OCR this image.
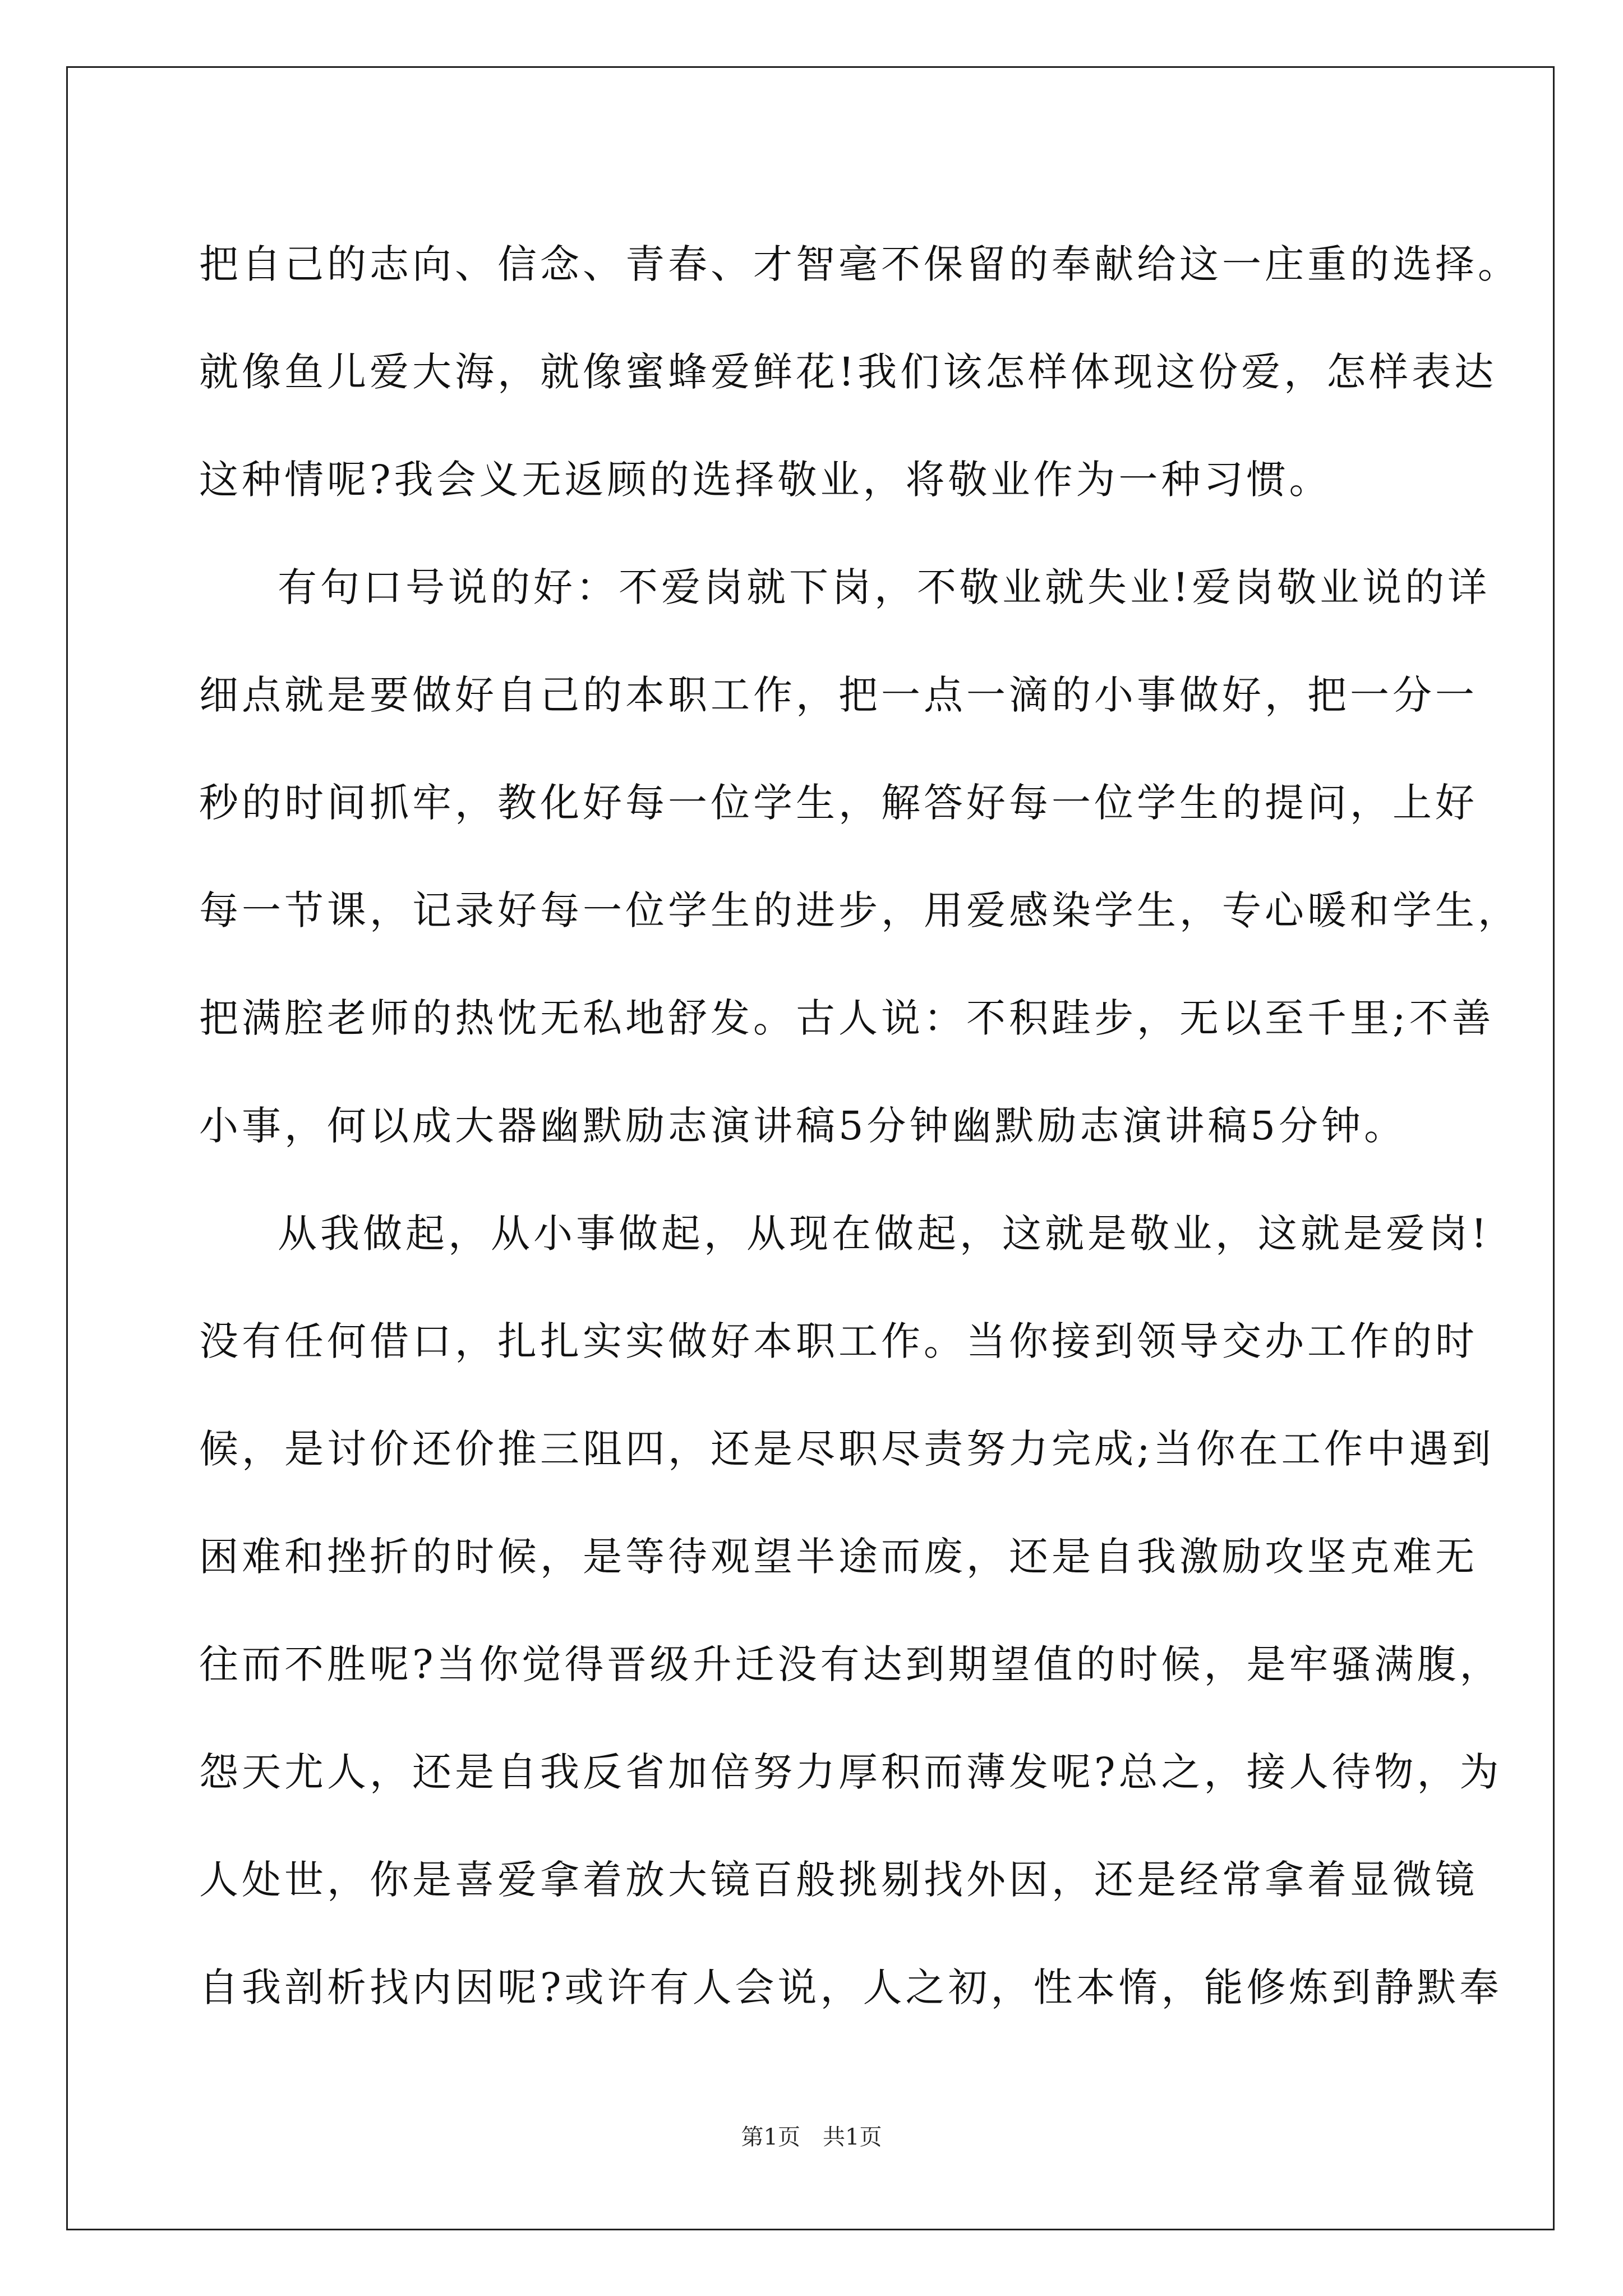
把自己的志向、信念、青春、才智毫不保留的奉献给这一庄重的选择。
就像鱼儿爱大海，就像蜜蜂爱鲜花!我们该怎样体现这份爱，怎样表达
这种情呢?我会义无返顾的选择敬业，将敬业作为一种习惯。
有句口号说的好：不爱岗就下岗，不敬业就失业!爱岗敬业说的详
细点就是要做好自己的本职工作，把一点一滴的小事做好，把一分一
秒的时间抓牢，教化好每一位学生，解答好每一位学生的提问，上好
每一节课，记录好每一位学生的进步，用爱感染学生，专心暖和学生，
把满腔老师的热忱无私地舒发。古人说：不积跬步，无以至千里;不善
小事，何以成大器幽默励志演讲稿5分钟幽默励志演讲稿5分钟。
从我做起，从小事做起，从现在做起，这就是敬业，这就是爱岗!
没有任何借口，扎扎实实做好本职工作。当你接到领导交办工作的时
候，是讨价还价推三阻四，还是尽职尽责努力完成;当你在工作中遇到
困难和挫折的时候，是等待观望半途而废，还是自我激励攻坚克难无
往而不胜呢?当你觉得晋级升迁没有达到期望值的时候，是牢骚满腹，
怨天尤人，还是自我反省加倍努力厚积而薄发呢?总之，接人待物，为
人处世，你是喜爱拿着放大镜百般挑剔找外因，还是经常拿着显微镜
自我剖析找内因呢?或许有人会说，人之初，性本惰，能修炼到静默奉
第1页　共1页
